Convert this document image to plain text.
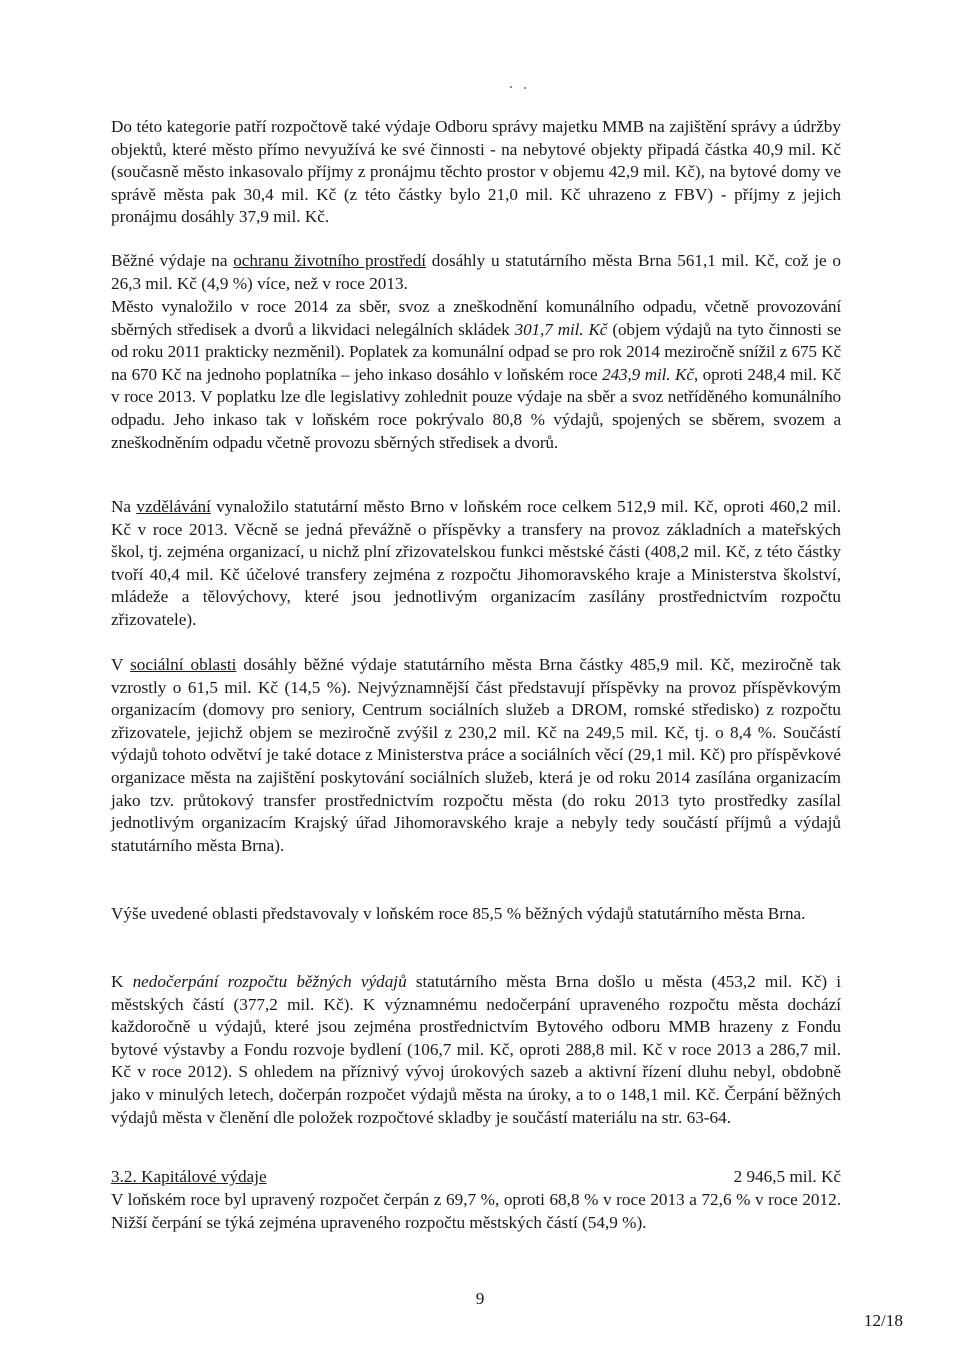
Do této kategorie patří rozpočtově také výdaje Odboru správy majetku MMB na zajištění správy a údržby objektů, které město přímo nevyužívá ke své činnosti - na nebytové objekty připadá částka 40,9 mil. Kč (současně město inkasovalo příjmy z pronájmu těchto prostor v objemu 42,9 mil. Kč), na bytové domy ve správě města pak 30,4 mil. Kč (z této částky bylo 21,0 mil. Kč uhrazeno z FBV) - příjmy z jejich pronájmu dosáhly 37,9 mil. Kč.

Běžné výdaje na ochranu životního prostředí dosáhly u statutárního města Brna 561,1 mil. Kč, což je o 26,3 mil. Kč (4,9 %) více, než v roce 2013.

Město vynaložilo v roce 2014 za sběr, svoz a zneškodnění komunálního odpadu, včetně provozování sběrných středisek a dvorů a likvidaci nelegálních skládek 301,7 mil. Kč (objem výdajů na tyto činnosti se od roku 2011 prakticky nezměnil). Poplatek za komunální odpad se pro rok 2014 meziročně snížil z 675 Kč na 670 Kč na jednoho poplatníka – jeho inkaso dosáhlo v loňském roce 243,9 mil. Kč, oproti 248,4 mil. Kč v roce 2013. V poplatku lze dle legislativy zohlednit pouze výdaje na sběr a svoz netříděného komunálního odpadu. Jeho inkaso tak v loňském roce pokrývalo 80,8 % výdajů, spojených se sběrem, svozem a zneškodněním odpadu včetně provozu sběrných středisek a dvorů.

Na vzdělávání vynaložilo statutární město Brno v loňském roce celkem 512,9 mil. Kč, oproti 460,2 mil. Kč v roce 2013. Věcně se jedná převážně o příspěvky a transfery na provoz základních a mateřských škol, tj. zejména organizací, u nichž plní zřizovatelskou funkci městské části (408,2 mil. Kč, z této částky tvoří 40,4 mil. Kč účelové transfery zejména z rozpočtu Jihomoravského kraje a Ministerstva školství, mládeže a tělovýchovy, které jsou jednotlivým organizacím zasílány prostřednictvím rozpočtu zřizovatele).

V sociální oblasti dosáhly běžné výdaje statutárního města Brna částky 485,9 mil. Kč, meziročně tak vzrostly o 61,5 mil. Kč (14,5 %). Nejvýznamnější část představují příspěvky na provoz příspěvkovým organizacím (domovy pro seniory, Centrum sociálních služeb a DROM, romské středisko) z rozpočtu zřizovatele, jejichž objem se meziročně zvýšil z 230,2 mil. Kč na 249,5 mil. Kč, tj. o 8,4 %. Součástí výdajů tohoto odvětví je také dotace z Ministerstva práce a sociálních věcí (29,1 mil. Kč) pro příspěvkové organizace města na zajištění poskytování sociálních služeb, která je od roku 2014 zasílána organizacím jako tzv. průtokový transfer prostřednictvím rozpočtu města (do roku 2013 tyto prostředky zasílal jednotlivým organizacím Krajský úřad Jihomoravského kraje a nebyly tedy součástí příjmů a výdajů statutárního města Brna).

Výše uvedené oblasti představovaly v loňském roce 85,5 % běžných výdajů statutárního města Brna.

K nedočerpání rozpočtu běžných výdajů statutárního města Brna došlo u města (453,2 mil. Kč) i městských částí (377,2 mil. Kč). K významnému nedočerpání upraveného rozpočtu města dochází každoročně u výdajů, které jsou zejména prostřednictvím Bytového odboru MMB hrazeny z Fondu bytové výstavby a Fondu rozvoje bydlení (106,7 mil. Kč, oproti 288,8 mil. Kč v roce 2013 a 286,7 mil. Kč v roce 2012). S ohledem na příznivý vývoj úrokových sazeb a aktivní řízení dluhu nebyl, obdobně jako v minulých letech, dočerpán rozpočet výdajů města na úroky, a to o 148,1 mil. Kč. Čerpání běžných výdajů města v členění dle položek rozpočtové skladby je součástí materiálu na str. 63-64.

3.2. Kapitálové výdaje	2 946,5 mil. Kč

V loňském roce byl upravený rozpočet čerpán z 69,7 %, oproti 68,8 % v roce 2013 a 72,6 % v roce 2012. Nižší čerpání se týká zejména upraveného rozpočtu městských částí (54,9 %).

9
12/18
